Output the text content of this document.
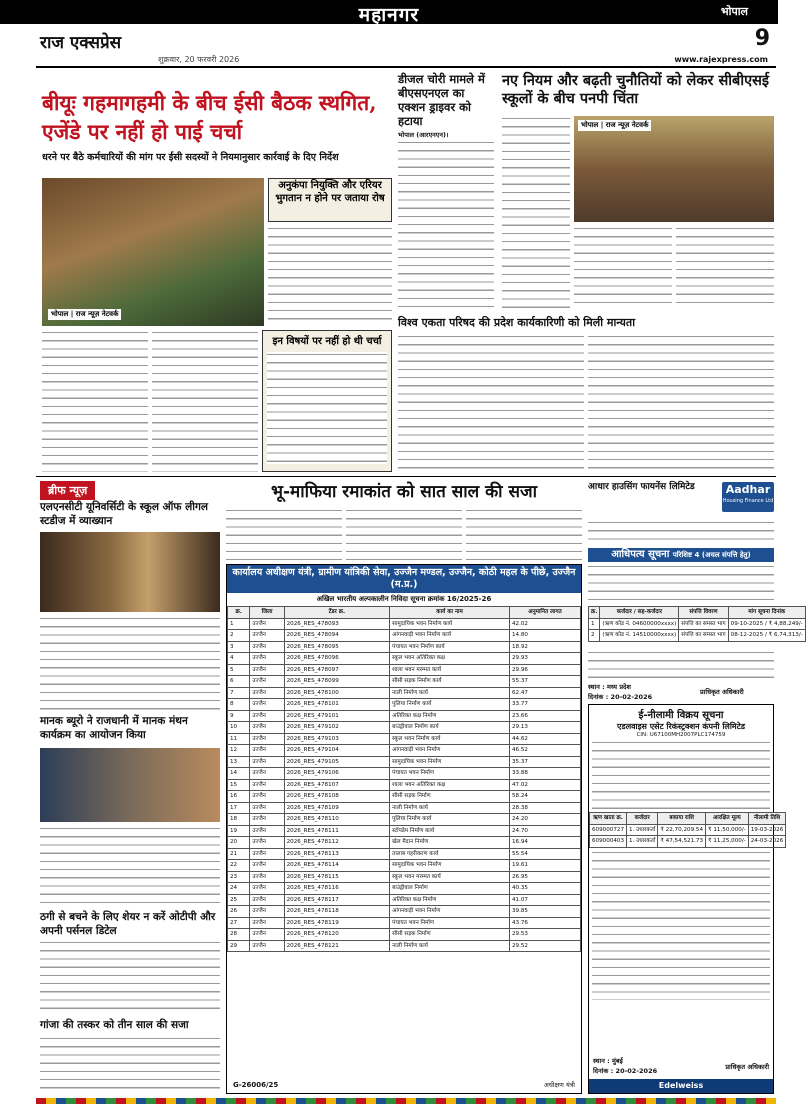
महानगर	भोपाल
9
राज एक्सप्रेस
शुक्रवार, 20 फरवरी 2026	www.rajexpress.com
बीयूः गहमागहमी के बीच ईसी बैठक स्थगित, एजेंडे पर नहीं हो पाई चर्चा
धरने पर बैठे कर्मचारियों की मांग पर ईसी सदस्यों ने नियमानुसार कार्रवाई के दिए निर्देश
भोपाल | राज न्यूज़ नेटवर्क
अनुकंपा नियुक्ति और एरियर भुगतान न होने पर जताया रोष
इन विषयों पर नहीं हो थी चर्चा
डीजल चोरी मामले में बीएसएनएल का एक्शन ड्राइवर को हटाया
भोपाल (आरएनएन)।
नए नियम और बढ़ती चुनौतियों को लेकर सीबीएसई स्कूलों के बीच पनपी चिंता
भोपाल | राज न्यूज़ नेटवर्क
विश्व एकता परिषद की प्रदेश कार्यकारिणी को मिली मान्यता
ब्रीफ न्यूज़
एलएनसीटी यूनिवर्सिटी के स्कूल ऑफ लीगल स्टडीज में व्याख्यान
मानक ब्यूरो ने राजधानी में मानक मंथन कार्यक्रम का आयोजन किया
ठगी से बचने के लिए शेयर न करें ओटीपी और अपनी पर्सनल डिटेल
गांजा की तस्कर को तीन साल की सजा
भू-माफिया रमाकांत को सात साल की सजा
कार्यालय अधीक्षण यंत्री, ग्रामीण यांत्रिकी सेवा, उज्जैन मण्डल, उज्जैन, कोठी महल के पीछे, उज्जैन (म.प्र.)
अखिल भारतीय अल्पकालीन निविदा सूचना क्रमांक 16/2025-26
क्र.	जिला	टेंडर क्र.	कार्य का नाम	अनुमानित लागत
1	उज्जैन	2026_RES_478093	सामुदायिक भवन निर्माण कार्य	42.02
2	उज्जैन	2026_RES_478094	आंगनवाड़ी भवन निर्माण कार्य	14.80
3	उज्जैन	2026_RES_478095	पंचायत भवन निर्माण कार्य	18.92
4	उज्जैन	2026_RES_478096	स्कूल भवन अतिरिक्त कक्ष	29.93
5	उज्जैन	2026_RES_478097	शाला भवन मरम्मत कार्य	29.96
6	उज्जैन	2026_RES_478099	सीसी सड़क निर्माण कार्य	55.37
7	उज्जैन	2026_RES_478100	नाली निर्माण कार्य	62.47
8	उज्जैन	2026_RES_478101	पुलिया निर्माण कार्य	33.77
9	उज्जैन	2026_RES_479101	अतिरिक्त कक्ष निर्माण	23.66
10	उज्जैन	2026_RES_479102	बाउंड्रीवाल निर्माण कार्य	29.13
11	उज्जैन	2026_RES_479103	स्कूल भवन निर्माण कार्य	44.62
12	उज्जैन	2026_RES_479104	आंगनवाड़ी भवन निर्माण	46.52
13	उज्जैन	2026_RES_479105	सामुदायिक भवन निर्माण	35.37
14	उज्जैन	2026_RES_479106	पंचायत भवन निर्माण	33.88
15	उज्जैन	2026_RES_478107	शाला भवन अतिरिक्त कक्ष	47.02
16	उज्जैन	2026_RES_478108	सीसी सड़क निर्माण	58.24
17	उज्जैन	2026_RES_478109	नाली निर्माण कार्य	28.38
18	उज्जैन	2026_RES_478110	पुलिया निर्माण कार्य	24.20
19	उज्जैन	2026_RES_478111	स्टॉपडेम निर्माण कार्य	24.70
20	उज्जैन	2026_RES_478112	खेल मैदान निर्माण	16.94
21	उज्जैन	2026_RES_478113	तालाब गहरीकरण कार्य	55.54
22	उज्जैन	2026_RES_478114	सामुदायिक भवन निर्माण	19.61
23	उज्जैन	2026_RES_478115	स्कूल भवन मरम्मत कार्य	26.95
24	उज्जैन	2026_RES_478116	बाउंड्रीवाल निर्माण	40.35
25	उज्जैन	2026_RES_478117	अतिरिक्त कक्ष निर्माण	41.07
26	उज्जैन	2026_RES_478118	आंगनवाड़ी भवन निर्माण	39.85
27	उज्जैन	2026_RES_478119	पंचायत भवन निर्माण	43.76
28	उज्जैन	2026_RES_478120	सीसी सड़क निर्माण	29.53
29	उज्जैन	2026_RES_478121	नाली निर्माण कार्य	29.52
G-26006/25	अधीक्षण यंत्री
आधार हाउसिंग फायनेंस लिमिटेड	Aadhar
Housing Finance Ltd
आधिपत्य सूचना परिशिष्ट 4 (अचल संपत्ति हेतु)
क्र.	कर्जदार / सह-कर्जदार	संपत्ति विवरण	मांग सूचना दिनांक
1	(ऋण कोड नं. 04600000xxxx)	संपत्ति का समस्त भाग	09-10-2025 / ₹ 4,88,249/-
2	(ऋण कोड नं. 14510000xxxx)	संपत्ति का समस्त भाग	08-12-2025 / ₹ 6,74,313/-
स्थान : मध्य प्रदेश
दिनांक : 20-02-2026
प्राधिकृत अधिकारी
ई-नीलामी विक्रय सूचना
एडलवाइस एसेट रिकंस्ट्रक्शन कंपनी लिमिटेड
CIN: U67100MH2007PLC174759
ऋण खाता क्र.	कर्जदार	बकाया राशि	आरक्षित मूल्य	नीलामी तिथि
609000727	1. उधारकर्ता	₹ 22,70,209.54	₹ 11,50,000/-	19-03-2026
609000403	1. उधारकर्ता	₹ 47,54,521.73	₹ 11,25,000/-	24-03-2026
स्थान : मुंबई
दिनांक : 20-02-2026	प्राधिकृत अधिकारी
Edelweiss
